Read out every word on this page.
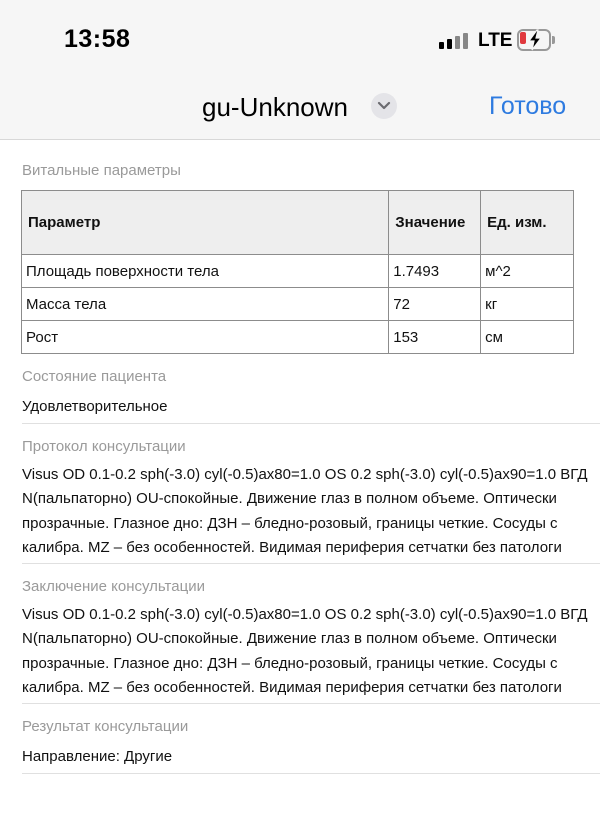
13:58	LTE
gu-Unknown	Готово
Витальные параметры
Параметр	Значение	Ед. изм.
Площадь поверхности тела	1.7493	м^2
Масса тела	72	кг
Рост	153	см
Состояние пациента
Удовлетворительное
Протокол консультации
Visus OD 0.1-0.2 sph(-3.0) cyl(-0.5)ax80=1.0 OS 0.2 sph(-3.0) cyl(-0.5)ax90=1.0 ВГД
N(пальпаторно) OU-спокойные. Движение глаз в полном объеме. Оптически
прозрачные. Глазное дно: ДЗН – бледно-розовый, границы четкие. Сосуды с
калибра. MZ – без особенностей. Видимая периферия сетчатки без патологи
Заключение консультации
Visus OD 0.1-0.2 sph(-3.0) cyl(-0.5)ax80=1.0 OS 0.2 sph(-3.0) cyl(-0.5)ax90=1.0 ВГД
N(пальпаторно) OU-спокойные. Движение глаз в полном объеме. Оптически
прозрачные. Глазное дно: ДЗН – бледно-розовый, границы четкие. Сосуды с
калибра. MZ – без особенностей. Видимая периферия сетчатки без патологи
Результат консультации
Направление: Другие
